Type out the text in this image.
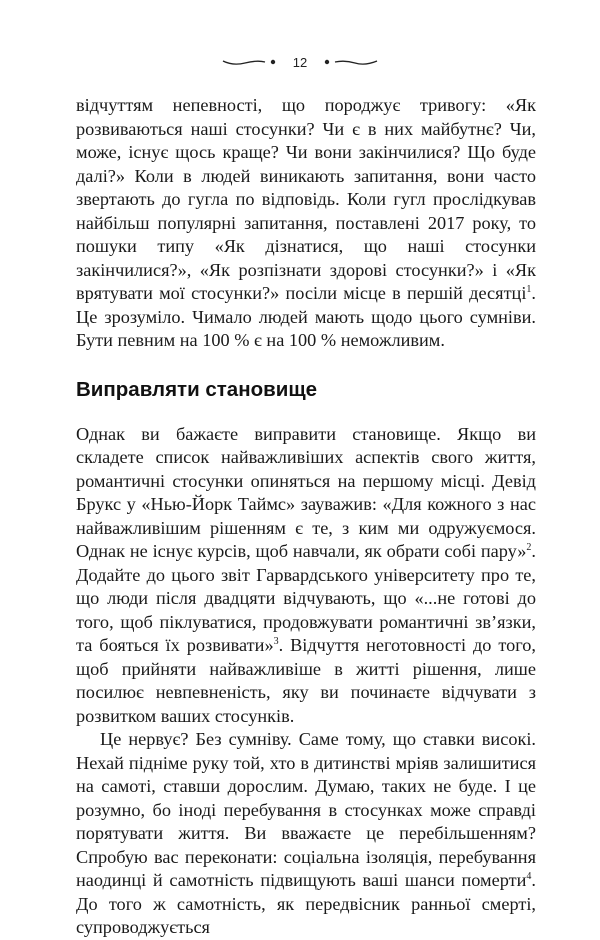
12

відчуттям непевності, що породжує тривогу: «Як розвиваються наші стосунки? Чи є в них майбутнє? Чи, може, існує щось краще? Чи вони закінчилися? Що буде далі?» Коли в людей виникають запитання, вони часто звертають до гугла по відповідь. Коли гугл прослідкував найбільш популярні запитання, поставлені 2017 року, то пошуки типу «Як дізнатися, що наші стосунки закінчилися?», «Як розпізнати здорові стосунки?» і «Як врятувати мої стосунки?» посіли місце в першій десятці$^1$. Це зрозуміло. Чимало людей мають щодо цього сумніви. Бути певним на 100 % є на 100 % неможливим.

Виправляти становище

Однак ви бажаєте виправити становище. Якщо ви складете список найважливіших аспектів свого життя, романтичні стосунки опиняться на першому місці. Девід Брукс у «Нью-Йорк Таймс» зауважив: «Для кожного з нас найважливішим рішенням є те, з ким ми одружуємося. Однак не існує курсів, щоб навчали, як обрати собі пару»$^2$. Додайте до цього звіт Гарвардського університету про те, що люди після двадцяти відчувають, що «...не готові до того, щоб піклуватися, продовжувати романтичні зв’язки, та бояться їх розвивати»$^3$. Відчуття неготовності до того, щоб прийняти найважливіше в житті рішення, лише посилює невпевненість, яку ви починаєте відчувати з розвитком ваших стосунків.

Це нервує? Без сумніву. Саме тому, що ставки високі. Нехай підніме руку той, хто в дитинстві мріяв залишитися на самоті, ставши дорослим. Думаю, таких не буде. І це розумно, бо іноді перебування в стосунках може справді порятувати життя. Ви вважаєте це перебільшенням? Спробую вас переконати: соціальна ізоляція, перебування наодинці й самотність підвищують ваші шанси померти$^4$. До того ж самотність, як передвісник ранньої смерті, супроводжується
